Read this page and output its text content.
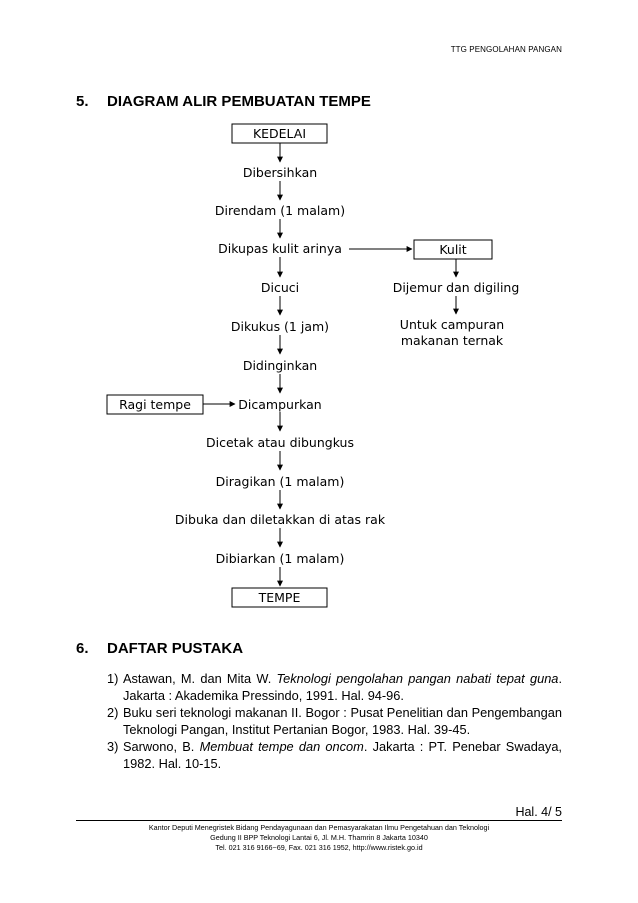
TTG PENGOLAHAN PANGAN
5. DIAGRAM ALIR PEMBUATAN TEMPE
KEDELAI
Dibersihkan
Direndam (1 malam)
Dikupas kulit arinya
Dicuci
Dikukus (1 jam)
Didinginkan
Dicampurkan
Dicetak atau dibungkus
Diragikan (1 malam)
Dibuka dan diletakkan di atas rak
Dibiarkan (1 malam)
TEMPE
Kulit
Dijemur dan digiling
Untuk campuran
makanan ternak
Ragi tempe
6. DAFTAR PUSTAKA
1) Astawan, M. dan Mita W. Teknologi pengolahan pangan nabati tepat guna. Jakarta : Akademika Pressindo, 1991. Hal. 94-96.
2) Buku seri teknologi makanan II. Bogor : Pusat Penelitian dan Pengembangan Teknologi Pangan, Institut Pertanian Bogor, 1983. Hal. 39-45.
3) Sarwono, B. Membuat tempe dan oncom. Jakarta : PT. Penebar Swadaya, 1982. Hal. 10-15.
Hal. 4/ 5
Kantor Deputi Menegristek Bidang Pendayagunaan dan Pemasyarakatan Ilmu Pengetahuan dan Teknologi
Gedung II BPP Teknologi Lantai 6, Jl. M.H. Thamrin 8 Jakarta 10340
Tel. 021 316 9166~69, Fax. 021 316 1952, http://www.ristek.go.id
